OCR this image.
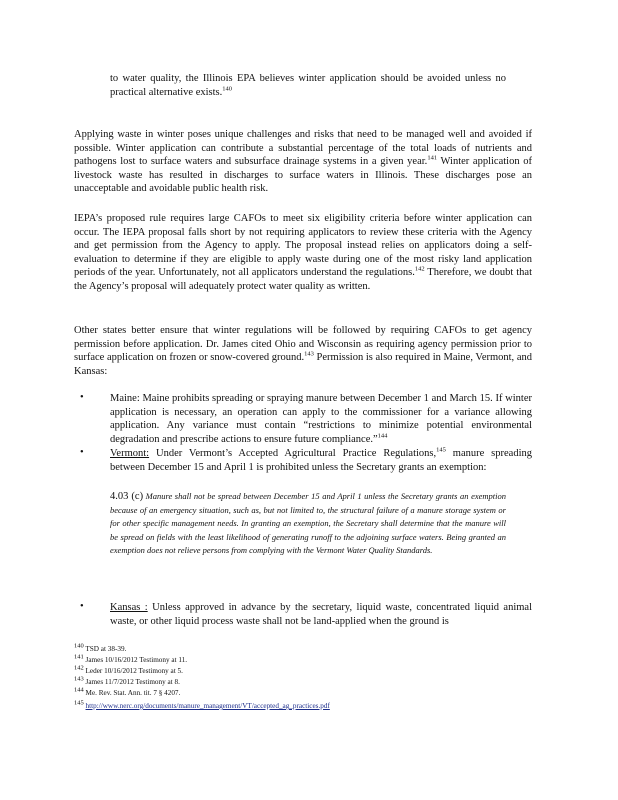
to water quality, the Illinois EPA believes winter application should be avoided unless no practical alternative exists.$^{140}$

Applying waste in winter poses unique challenges and risks that need to be managed well and avoided if possible. Winter application can contribute a substantial percentage of the total loads of nutrients and pathogens lost to surface waters and subsurface drainage systems in a given year.$^{141}$ Winter application of livestock waste has resulted in discharges to surface waters in Illinois. These discharges pose an unacceptable and avoidable public health risk.

IEPA’s proposed rule requires large CAFOs to meet six eligibility criteria before winter application can occur. The IEPA proposal falls short by not requiring applicators to review these criteria with the Agency and get permission from the Agency to apply. The proposal instead relies on applicators doing a self-evaluation to determine if they are eligible to apply waste during one of the most risky land application periods of the year. Unfortunately, not all applicators understand the regulations.$^{142}$ Therefore, we doubt that the Agency’s proposal will adequately protect water quality as written.

Other states better ensure that winter regulations will be followed by requiring CAFOs to get agency permission before application. Dr. James cited Ohio and Wisconsin as requiring agency permission prior to surface application on frozen or snow-covered ground.$^{143}$ Permission is also required in Maine, Vermont, and Kansas:

•	Maine: Maine prohibits spreading or spraying manure between December 1 and March 15. If winter application is necessary, an operation can apply to the commissioner for a variance allowing application. Any variance must contain “restrictions to minimize potential environmental degradation and prescribe actions to ensure future compliance.”$^{144}$

•	Vermont: Under Vermont’s Accepted Agricultural Practice Regulations,$^{145}$ manure spreading between December 15 and April 1 is prohibited unless the Secretary grants an exemption:

4.03 (c) Manure shall not be spread between December 15 and April 1 unless the Secretary grants an exemption because of an emergency situation, such as, but not limited to, the structural failure of a manure storage system or for other specific management needs. In granting an exemption, the Secretary shall determine that the manure will be spread on fields with the least likelihood of generating runoff to the adjoining surface waters. Being granted an exemption does not relieve persons from complying with the Vermont Water Quality Standards.

•	Kansas : Unless approved in advance by the secretary, liquid waste, concentrated liquid animal waste, or other liquid process waste shall not be land-applied when the ground is

$^{140}$ TSD at 38-39.

$^{141}$ James 10/16/2012 Testimony at 11.

$^{142}$ Leder 10/16/2012 Testimony at 5.

$^{143}$ James 11/7/2012 Testimony at 8.

$^{144}$ Me. Rev. Stat. Ann. tit. 7 § 4207.

$^{145}$ http://www.nerc.org/documents/manure_management/VT/accepted_ag_practices.pdf
